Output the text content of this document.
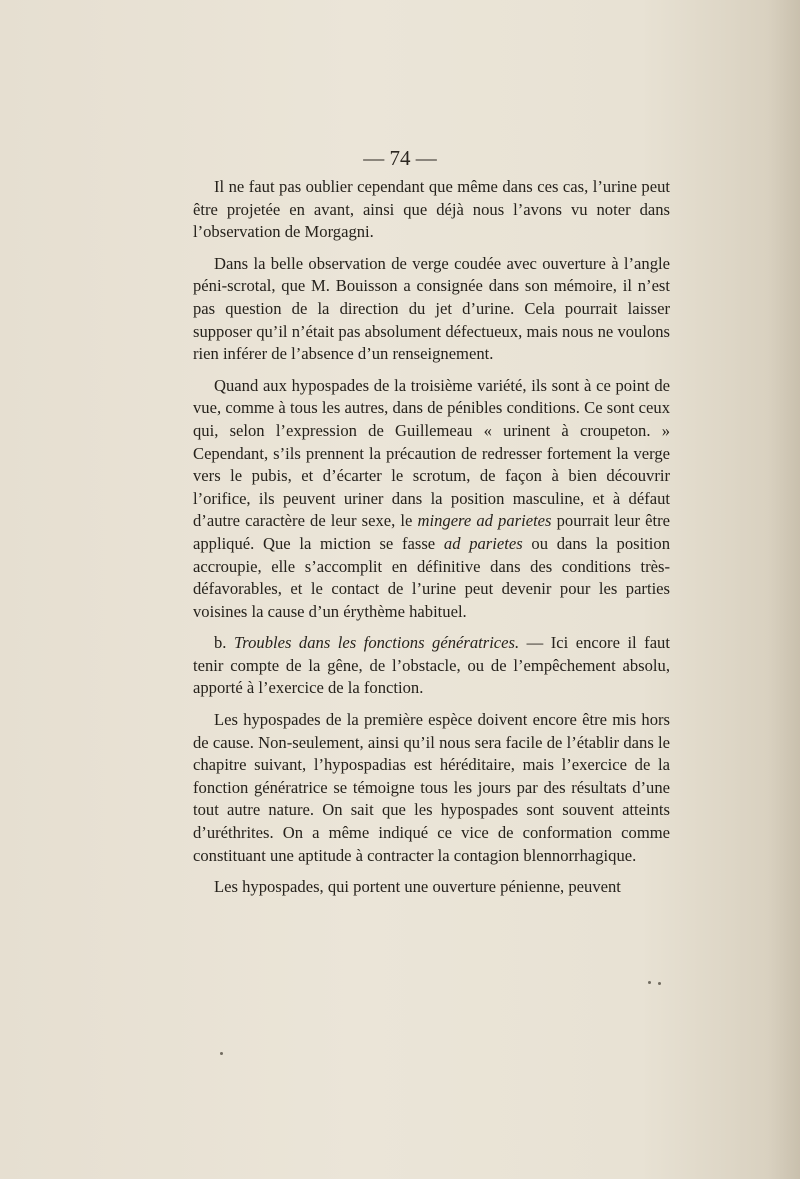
— 74 —

Il ne faut pas oublier cependant que même dans ces cas, l’urine peut être projetée en avant, ainsi que déjà nous l’avons vu noter dans l’observation de Morgagni.

Dans la belle observation de verge coudée avec ouverture à l’angle péni-scrotal, que M. Bouisson a consignée dans son mémoire, il n’est pas question de la direction du jet d’urine. Cela pourrait laisser supposer qu’il n’était pas absolument défectueux, mais nous ne voulons rien inférer de l’absence d’un renseignement.

Quand aux hypospades de la troisième variété, ils sont à ce point de vue, comme à tous les autres, dans de pénibles conditions. Ce sont ceux qui, selon l’expression de Guillemeau « urinent à croupeton. » Cependant, s’ils prennent la précaution de redresser fortement la verge vers le pubis, et d’écarter le scrotum, de façon à bien découvrir l’orifice, ils peuvent uriner dans la position masculine, et à défaut d’autre caractère de leur sexe, le mingere ad parietes pourrait leur être appliqué. Que la miction se fasse ad parietes ou dans la position accroupie, elle s’accomplit en définitive dans des conditions très-défavorables, et le contact de l’urine peut devenir pour les parties voisines la cause d’un érythème habituel.

b. Troubles dans les fonctions génératrices. — Ici encore il faut tenir compte de la gêne, de l’obstacle, ou de l’empêchement absolu, apporté à l’exercice de la fonction.

Les hypospades de la première espèce doivent encore être mis hors de cause. Non-seulement, ainsi qu’il nous sera facile de l’établir dans le chapitre suivant, l’hypospadias est héréditaire, mais l’exercice de la fonction génératrice se témoigne tous les jours par des résultats d’une tout autre nature. On sait que les hypospades sont souvent atteints d’uréthrites. On a même indiqué ce vice de conformation comme constituant une aptitude à contracter la contagion blennorrhagique.

Les hypospades, qui portent une ouverture pénienne, peuvent
